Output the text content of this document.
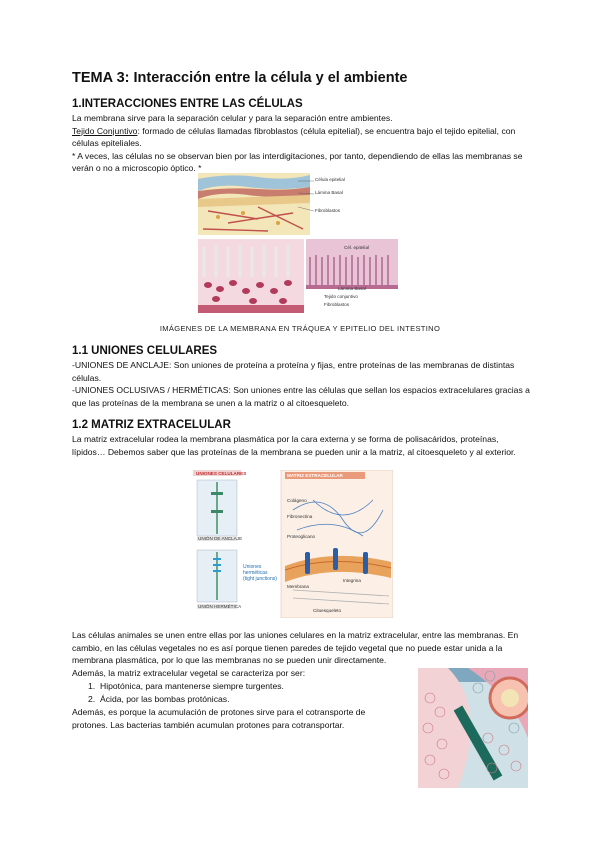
TEMA 3: Interacción entre la célula y el ambiente
1.INTERACCIONES ENTRE LAS CÉLULAS
La membrana sirve para la separación celular y para la separación entre ambientes.
Tejido Conjuntivo: formado de células llamadas fibroblastos (célula epitelial), se encuentra bajo el tejido epitelial, con células epiteliales.
* A veces, las células no se observan bien por las interdigitaciones, por tanto, dependiendo de ellas las membranas se verán o no a microscopio óptico. *
Célula epitelial
Lámina Basal
Fibroblastos
Cél. epitelial
Lámina Basal
Tejido conjuntivo
Fibroblastos
IMÁGENES DE LA MEMBRANA EN TRÁQUEA Y EPITELIO DEL INTESTINO
1.1 UNIONES CELULARES
-UNIONES DE ANCLAJE: Son uniones de proteína a proteína y fijas, entre proteínas de las membranas de distintas células.
-UNIONES OCLUSIVAS / HERMÉTICAS: Son uniones entre las células que sellan los espacios extracelulares gracias a que las proteínas de la membrana se unen a la matriz o al citoesqueleto.
1.2 MATRIZ EXTRACELULAR
La matriz extracelular rodea la membrana plasmática por la cara externa y se forma de polisacáridos, proteínas, lípidos… Debemos saber que las proteínas de la membrana se pueden unir a la matriz, al citoesqueleto y al exterior.
UNIONES CELULARES
UNIÓN DE ANCLAJE
UNIÓN HERMÉTICA
Uniones herméticas (tight junctions)
MATRIZ EXTRACELULAR
Colágeno
Fibronectina
Proteoglicano
Integrina
Membrana
Citoesqueleto
Las células animales se unen entre ellas por las uniones celulares en la matriz extracelular, entre las membranas. En cambio, en las células vegetales no es así porque tienen paredes de tejido vegetal que no puede estar unida a la membrana plasmática, por lo que las membranas no se pueden unir directamente.
Además, la matriz extracelular vegetal se caracteriza por ser:
1. Hipotónica, para mantenerse siempre turgentes.
2. Ácida, por las bombas protónicas.
Además, es porque la acumulación de protones sirve para el cotransporte de protones. Las bacterias también acumulan protones para cotransportar.
